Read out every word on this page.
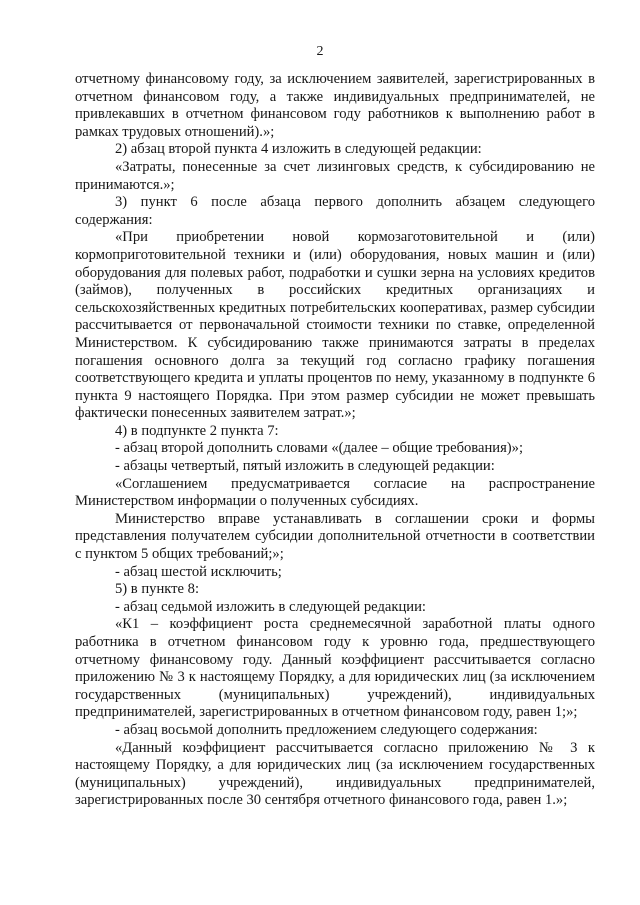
2

отчетному финансовому году, за исключением заявителей, зарегистрированных в отчетном финансовом году, а также индивидуальных предпринимателей, не привлекавших в отчетном финансовом году работников к выполнению работ в рамках трудовых отношений).»;

2) абзац второй пункта 4 изложить в следующей редакции:

«Затраты, понесенные за счет лизинговых средств, к субсидированию не принимаются.»;

3) пункт 6 после абзаца первого дополнить абзацем следующего содержания:

«При приобретении новой кормозаготовительной и (или) кормоприготовительной техники и (или) оборудования, новых машин и (или) оборудования для полевых работ, подработки и сушки зерна на условиях кредитов (займов), полученных в российских кредитных организациях и сельскохозяйственных кредитных потребительских кооперативах, размер субсидии рассчитывается от первоначальной стоимости техники по ставке, определенной Министерством. К субсидированию также принимаются затраты в пределах погашения основного долга за текущий год согласно графику погашения соответствующего кредита и уплаты процентов по нему, указанному в подпункте 6 пункта 9 настоящего Порядка. При этом размер субсидии не может превышать фактически понесенных заявителем затрат.»;

4) в подпункте 2 пункта 7:

- абзац второй дополнить словами «(далее – общие требования)»;

- абзацы четвертый, пятый изложить в следующей редакции:

«Соглашением предусматривается согласие на распространение Министерством информации о полученных субсидиях.

Министерство вправе устанавливать в соглашении сроки и формы представления получателем субсидии дополнительной отчетности в соответствии с пунктом 5 общих требований;»;

- абзац шестой исключить;

5) в пункте 8:

- абзац седьмой изложить в следующей редакции:

«К1 – коэффициент роста среднемесячной заработной платы одного работника в отчетном финансовом году к уровню года, предшествующего отчетному финансовому году. Данный коэффициент рассчитывается согласно приложению № 3 к настоящему Порядку, а для юридических лиц (за исключением государственных (муниципальных) учреждений), индивидуальных предпринимателей, зарегистрированных в отчетном финансовом году, равен 1;»;

- абзац восьмой дополнить предложением следующего содержания:

«Данный коэффициент рассчитывается согласно приложению № 3 к настоящему Порядку, а для юридических лиц (за исключением государственных (муниципальных) учреждений), индивидуальных предпринимателей, зарегистрированных после 30 сентября отчетного финансового года, равен 1.»;
